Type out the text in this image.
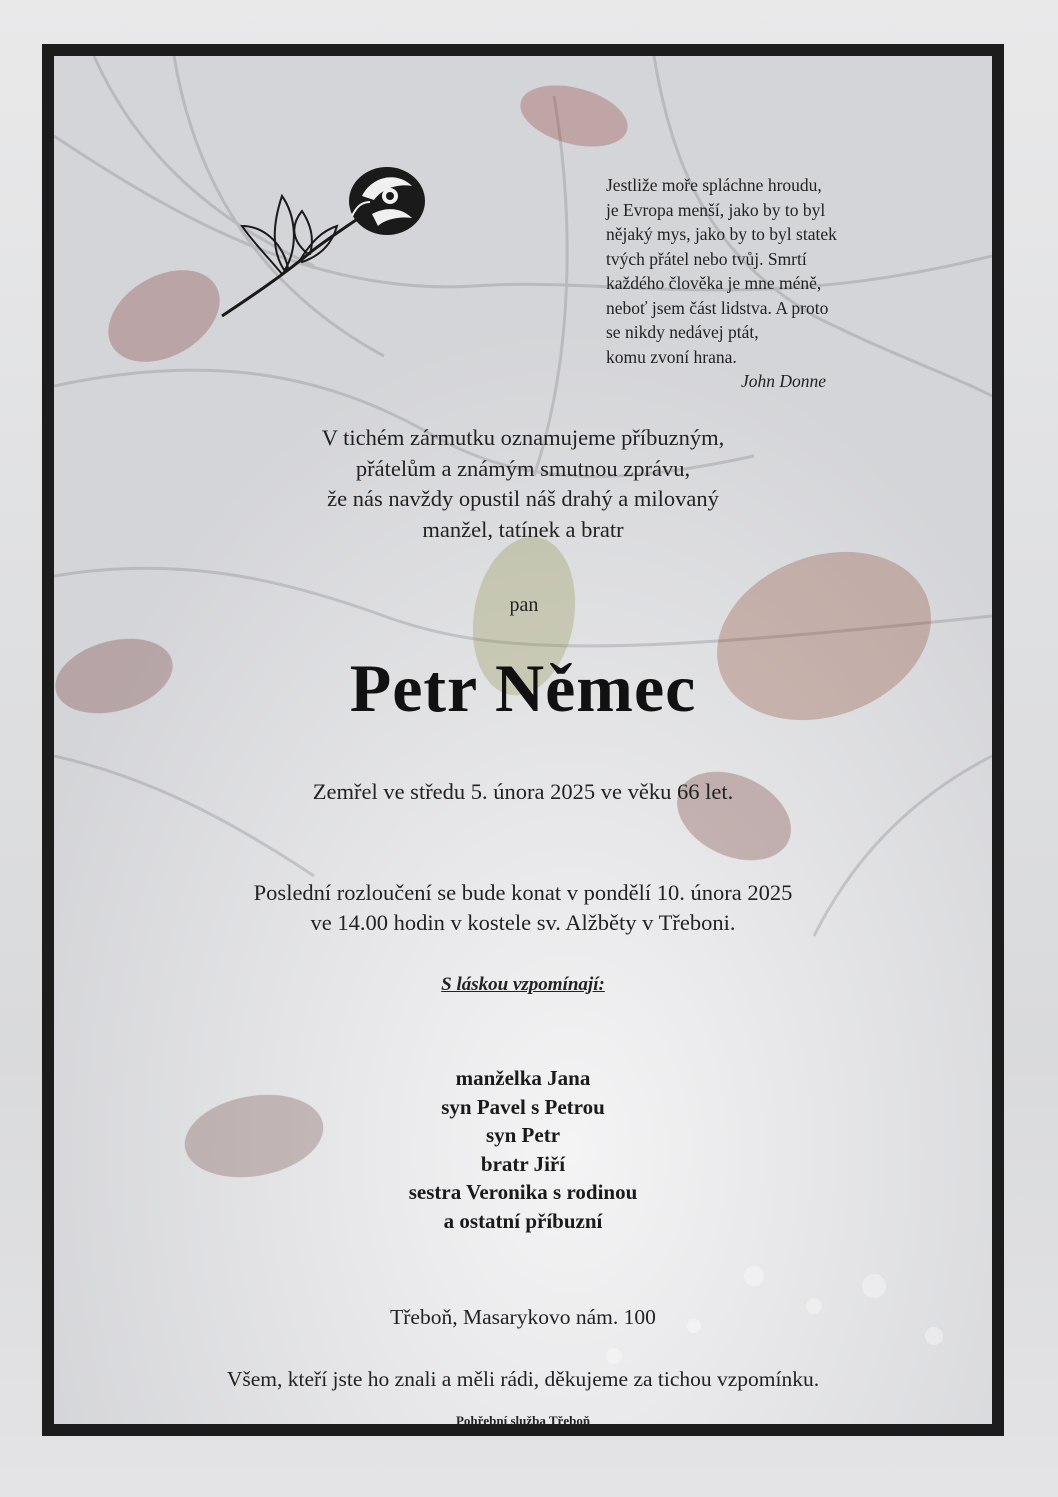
Jestliže moře spláchne hroudu,
je Evropa menší, jako by to byl
nějaký mys, jako by to byl statek
tvých přátel nebo tvůj. Smrtí
každého člověka je mne méně,
neboť jsem část lidstva. A proto
se nikdy nedávej ptát,
komu zvoní hrana.
John Donne
V tichém zármutku oznamujeme příbuzným,
přátelům a známým smutnou zprávu,
že nás navždy opustil náš drahý a milovaný
manžel, tatínek a bratr
pan
Petr Němec
Zemřel ve středu 5. února 2025 ve věku 66 let.
Poslední rozloučení se bude konat v pondělí 10. února 2025
ve 14.00 hodin v kostele sv. Alžběty v Třeboni.
S láskou vzpomínají:
manželka Jana
syn Pavel s Petrou
syn Petr
bratr Jiří
sestra Veronika s rodinou
a ostatní příbuzní
Třeboň, Masarykovo nám. 100
Všem, kteří jste ho znali a měli rádi, děkujeme za tichou vzpomínku.
Pohřební služba Třeboň
